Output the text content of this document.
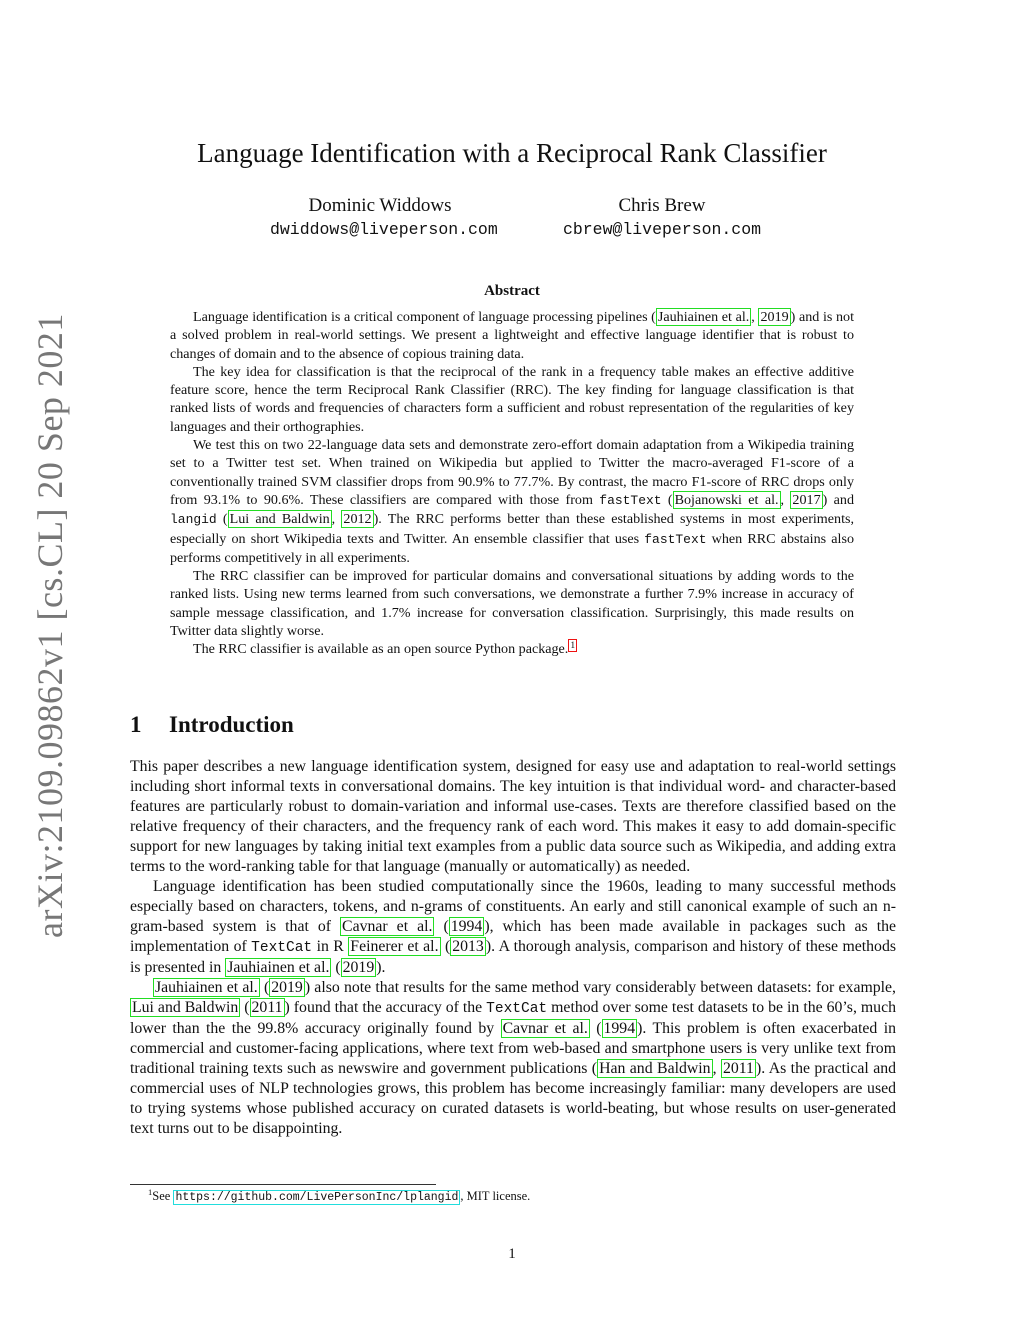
arXiv:2109.09862v1 [cs.CL] 20 Sep 2021
Language Identification with a Reciprocal Rank Classifier
Dominic Widdows
dwiddows@liveperson.com
Chris Brew
cbrew@liveperson.com
Abstract

Language identification is a critical component of language processing pipelines ( Jauhiainen et al. , 2019 ) and is not a solved problem in real-world settings. We present a lightweight and effective language identifier that is robust to changes of domain and to the absence of copious training data.

The key idea for classification is that the reciprocal of the rank in a frequency table makes an effective additive feature score, hence the term Reciprocal Rank Classifier (RRC). The key finding for language classification is that ranked lists of words and frequencies of characters form a sufficient and robust representation of the regularities of key languages and their orthographies.

We test this on two 22-language data sets and demonstrate zero-effort domain adaptation from a Wikipedia training set to a Twitter test set. When trained on Wikipedia but applied to Twitter the macro-averaged F1-score of a conventionally trained SVM classifier drops from 90.9% to 77.7%. By contrast, the macro F1-score of RRC drops only from 93.1% to 90.6%. These classifiers are compared with those from fastText ( Bojanowski et al. , 2017 ) and langid ( Lui and Baldwin , 2012 ). The RRC performs better than these established systems in most experiments, especially on short Wikipedia texts and Twitter. An ensemble classifier that uses fastText when RRC abstains also performs competitively in all experiments.

The RRC classifier can be improved for particular domains and conversational situations by adding words to the ranked lists. Using new terms learned from such conversations, we demonstrate a further 7.9% increase in accuracy of sample message classification, and 1.7% increase for conversation classification. Surprisingly, this made results on Twitter data slightly worse.

The RRC classifier is available as an open source Python package. $^1$

1 Introduction

This paper describes a new language identification system, designed for easy use and adaptation to real-world settings including short informal texts in conversational domains. The key intuition is that individual word- and character-based features are particularly robust to domain-variation and informal use-cases. Texts are therefore classified based on the relative frequency of their characters, and the frequency rank of each word. This makes it easy to add domain-specific support for new languages by taking initial text examples from a public data source such as Wikipedia, and adding extra terms to the word-ranking table for that language (manually or automatically) as needed.

Language identification has been studied computationally since the 1960s, leading to many successful methods especially based on characters, tokens, and n-grams of constituents. An early and still canonical example of such an n-gram-based system is that of Cavnar et al. ( 1994 ), which has been made available in packages such as the implementation of TextCat in R Feinerer et al. ( 2013 ). A thorough analysis, comparison and history of these methods is presented in Jauhiainen et al. ( 2019 ).

Jauhiainen et al. ( 2019 ) also note that results for the same method vary considerably between datasets: for example, Lui and Baldwin ( 2011 ) found that the accuracy of the TextCat method over some test datasets to be in the 60’s, much lower than the the 99.8% accuracy originally found by Cavnar et al. ( 1994 ). This problem is often exacerbated in commercial and customer-facing applications, where text from web-based and smartphone users is very unlike text from traditional training texts such as newswire and government publications ( Han and Baldwin , 2011 ). As the practical and commercial uses of NLP technologies grows, this problem has become increasingly familiar: many developers are used to trying systems whose published accuracy on curated datasets is world-beating, but whose results on user-generated text turns out to be disappointing.

$^1$See https://github.com/LivePersonInc/lplangid , MIT license.
1
